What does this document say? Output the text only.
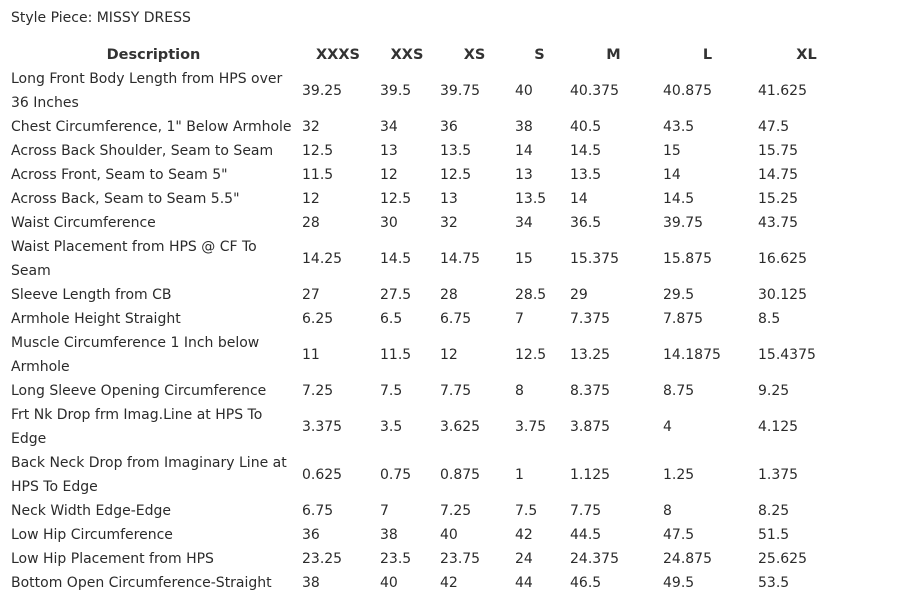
Style Piece: MISSY DRESS
Description	XXXS	XXS	XS	S	M	L	XL
Long Front Body Length from HPS over 36 Inches	39.25	39.5	39.75	40	40.375	40.875	41.625
Chest Circumference, 1" Below Armhole	32	34	36	38	40.5	43.5	47.5
Across Back Shoulder, Seam to Seam	12.5	13	13.5	14	14.5	15	15.75
Across Front, Seam to Seam 5"	11.5	12	12.5	13	13.5	14	14.75
Across Back, Seam to Seam 5.5"	12	12.5	13	13.5	14	14.5	15.25
Waist Circumference	28	30	32	34	36.5	39.75	43.75
Waist Placement from HPS @ CF To Seam	14.25	14.5	14.75	15	15.375	15.875	16.625
Sleeve Length from CB	27	27.5	28	28.5	29	29.5	30.125
Armhole Height Straight	6.25	6.5	6.75	7	7.375	7.875	8.5
Muscle Circumference 1 Inch below Armhole	11	11.5	12	12.5	13.25	14.1875	15.4375
Long Sleeve Opening Circumference	7.25	7.5	7.75	8	8.375	8.75	9.25
Frt Nk Drop frm Imag.Line at HPS To Edge	3.375	3.5	3.625	3.75	3.875	4	4.125
Back Neck Drop from Imaginary Line at HPS To Edge	0.625	0.75	0.875	1	1.125	1.25	1.375
Neck Width Edge-Edge	6.75	7	7.25	7.5	7.75	8	8.25
Low Hip Circumference	36	38	40	42	44.5	47.5	51.5
Low Hip Placement from HPS	23.25	23.5	23.75	24	24.375	24.875	25.625
Bottom Open Circumference-Straight	38	40	42	44	46.5	49.5	53.5
